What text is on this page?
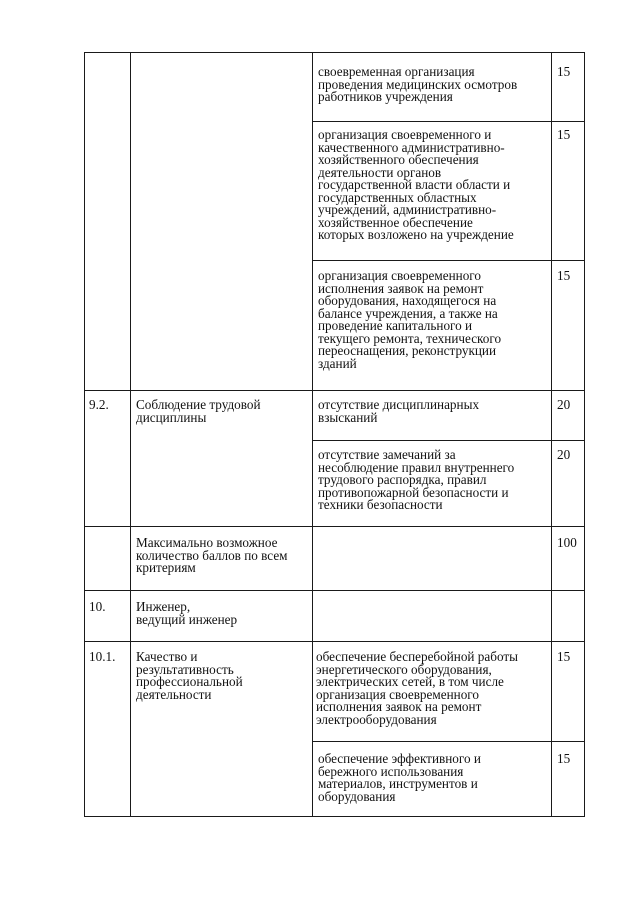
своевременная организация
проведения медицинских осмотров
работников учреждения
15
организация своевременного и
качественного административно-
хозяйственного обеспечения
деятельности органов
государственной власти области и
государственных областных
учреждений, административно-
хозяйственное обеспечение
которых возложено на учреждение
15
организация своевременного
исполнения заявок на ремонт
оборудования, находящегося на
балансе учреждения, а также на
проведение капитального и
текущего ремонта, технического
переоснащения, реконструкции
зданий
15
9.2. Соблюдение трудовой
дисциплины
отсутствие дисциплинарных
взысканий
20
отсутствие замечаний за
несоблюдение правил внутреннего
трудового распорядка, правил
противопожарной безопасности и
техники безопасности
20
Максимально возможное
количество баллов по всем
критериям
100
10. Инженер,
ведущий инженер
10.1. Качество и
результативность
профессиональной
деятельности
обеспечение бесперебойной работы
энергетического оборудования,
электрических сетей, в том числе
организация своевременного
исполнения заявок на ремонт
электрооборудования
15
обеспечение эффективного и
бережного использования
материалов, инструментов и
оборудования
15
